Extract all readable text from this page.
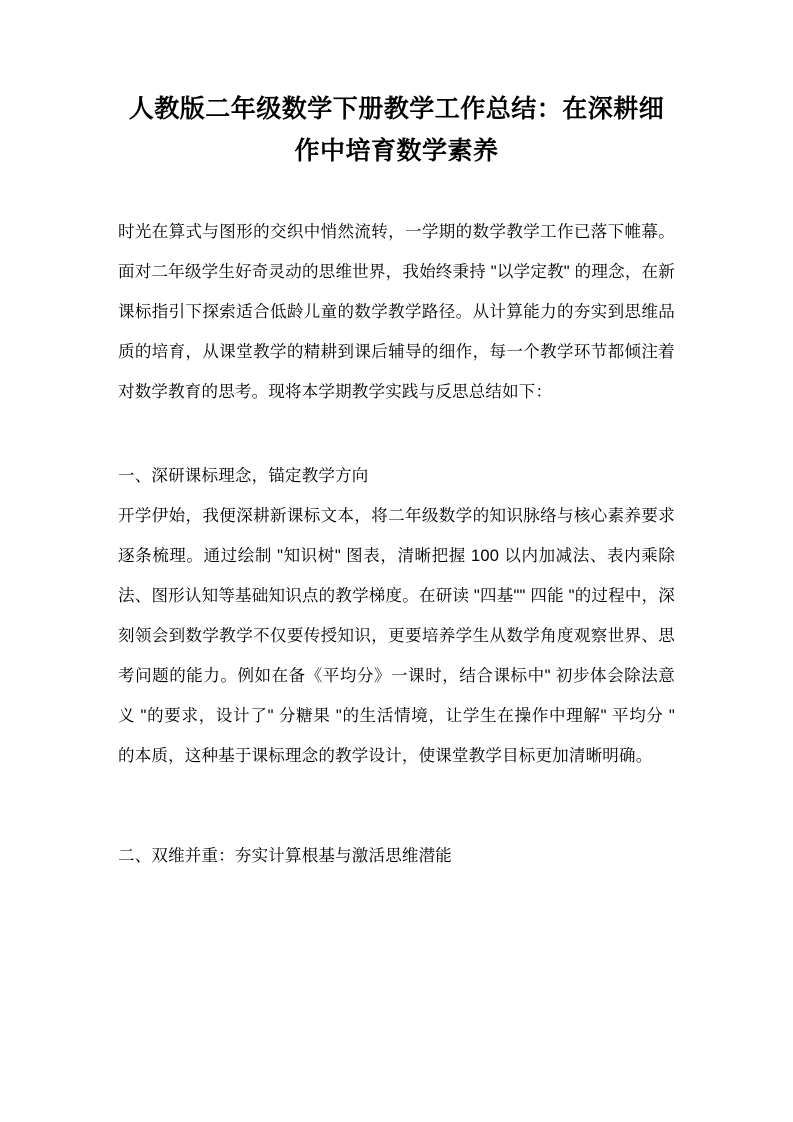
人教版二年级数学下册教学工作总结：在深耕细作中培育数学素养

时光在算式与图形的交织中悄然流转，一学期的数学教学工作已落下帷幕。面对二年级学生好奇灵动的思维世界，我始终秉持 "以学定教" 的理念，在新课标指引下探索适合低龄儿童的数学教学路径。从计算能力的夯实到思维品质的培育，从课堂教学的精耕到课后辅导的细作，每一个教学环节都倾注着对数学教育的思考。现将本学期教学实践与反思总结如下：

一、深研课标理念，锚定教学方向

开学伊始，我便深耕新课标文本，将二年级数学的知识脉络与核心素养要求逐条梳理。通过绘制 "知识树" 图表，清晰把握 100 以内加减法、表内乘除法、图形认知等基础知识点的教学梯度。在研读 "四基"" 四能 "的过程中，深刻领会到数学教学不仅要传授知识，更要培养学生从数学角度观察世界、思考问题的能力。例如在备《平均分》一课时，结合课标中" 初步体会除法意义 "的要求，设计了" 分糖果 "的生活情境，让学生在操作中理解" 平均分 " 的本质，这种基于课标理念的教学设计，使课堂教学目标更加清晰明确。

二、双维并重：夯实计算根基与激活思维潜能
